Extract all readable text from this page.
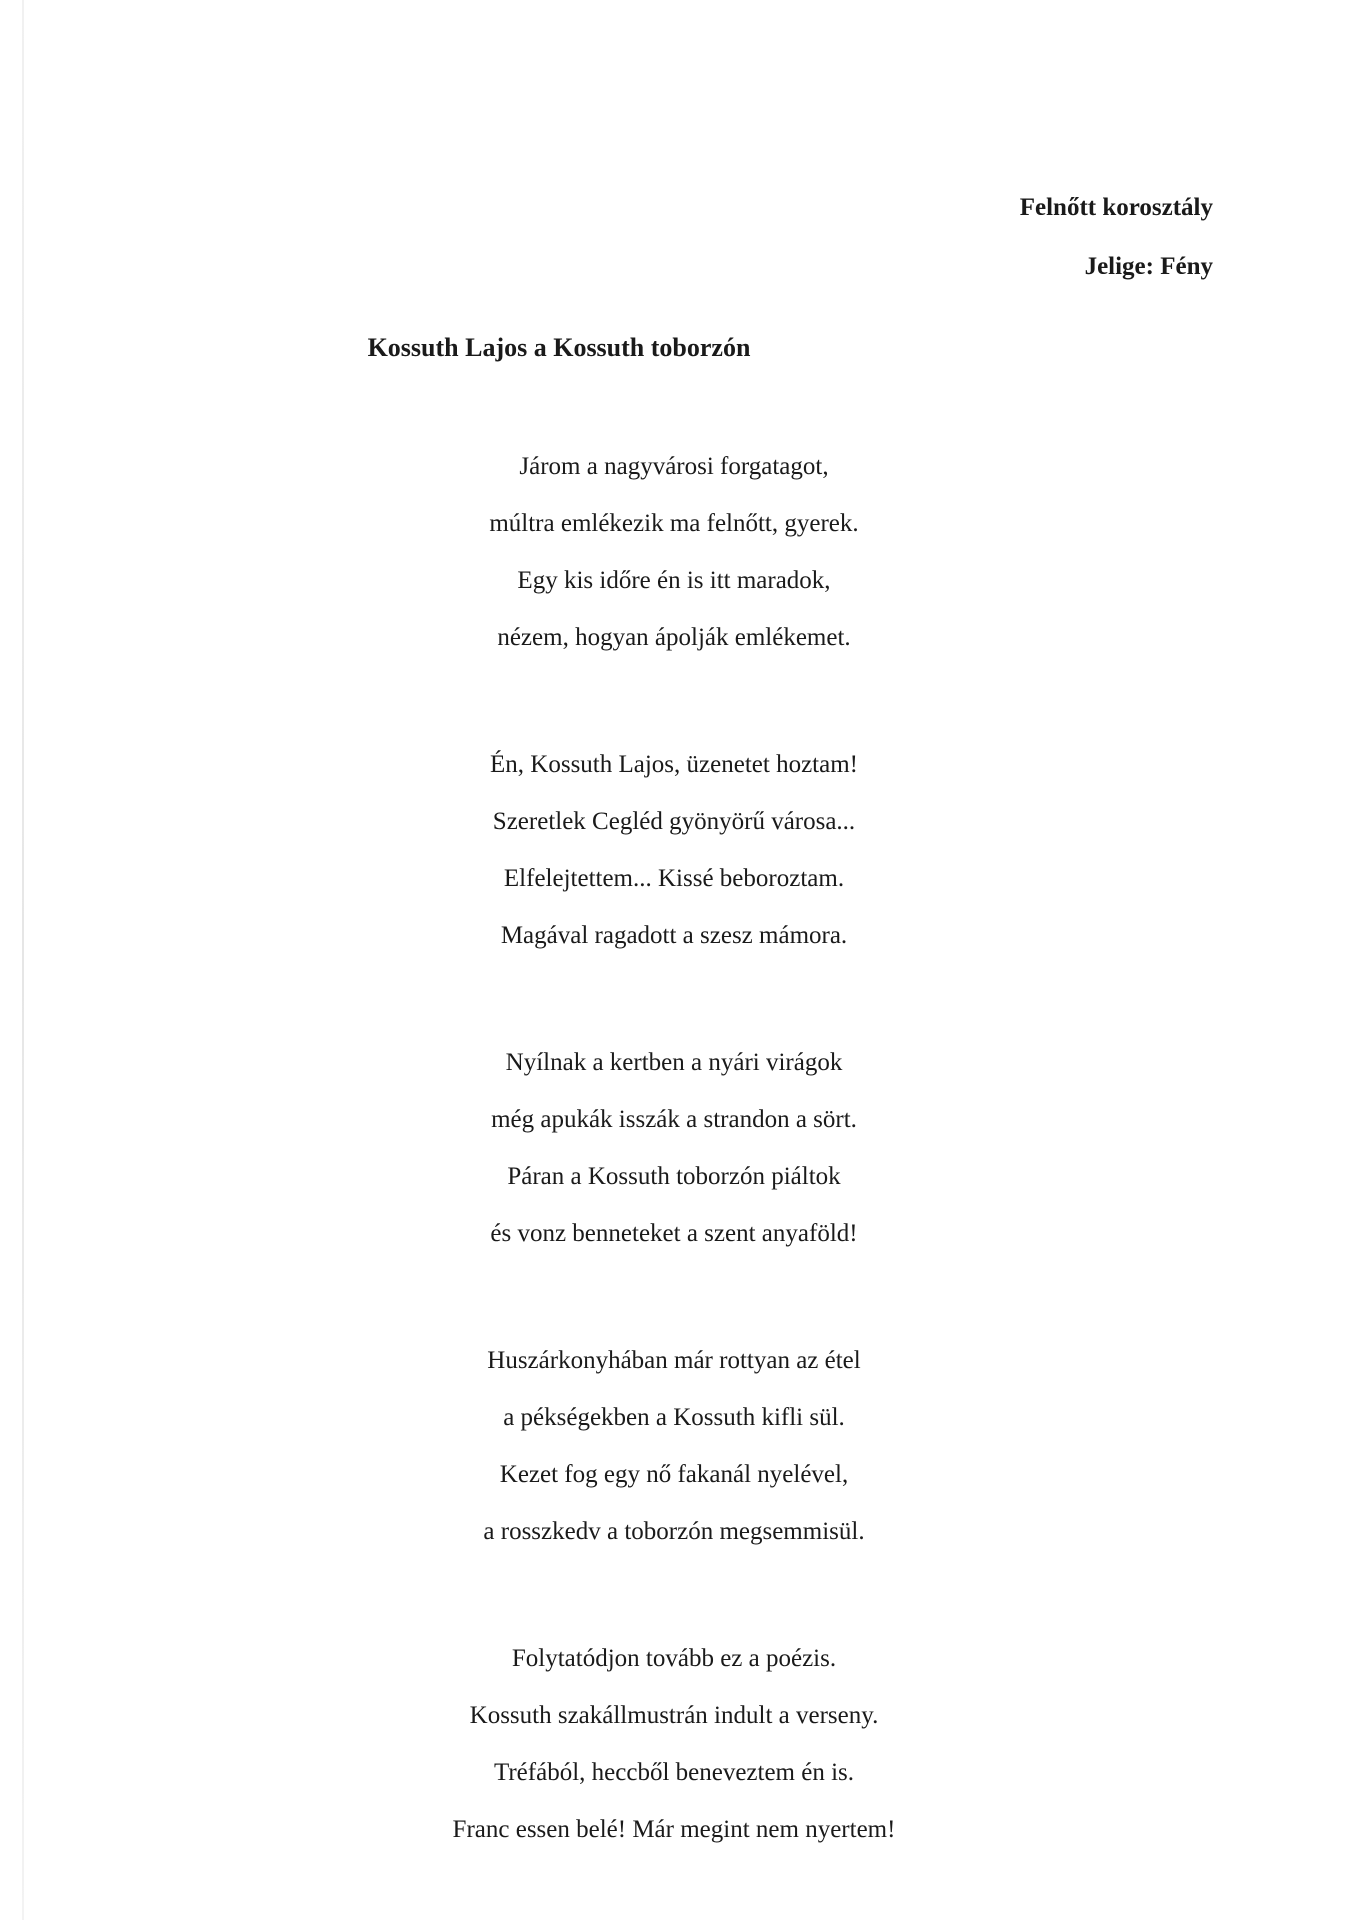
Felnőtt korosztály
Jelige: Fény
Kossuth Lajos a Kossuth toborzón
Járom a nagyvárosi forgatagot,
múltra emlékezik ma felnőtt, gyerek.
Egy kis időre én is itt maradok,
nézem, hogyan ápolják emlékemet.
Én, Kossuth Lajos, üzenetet hoztam!
Szeretlek Cegléd gyönyörű városa...
Elfelejtettem... Kissé beboroztam.
Magával ragadott a szesz mámora.
Nyílnak a kertben a nyári virágok
még apukák isszák a strandon a sört.
Páran a Kossuth toborzón piáltok
és vonz benneteket a szent anyaföld!
Huszárkonyhában már rottyan az étel
a pékségekben a Kossuth kifli sül.
Kezet fog egy nő fakanál nyelével,
a rosszkedv a toborzón megsemmisül.
Folytatódjon tovább ez a poézis.
Kossuth szakállmustrán indult a verseny.
Tréfából, heccből beneveztem én is.
Franc essen belé! Már megint nem nyertem!
